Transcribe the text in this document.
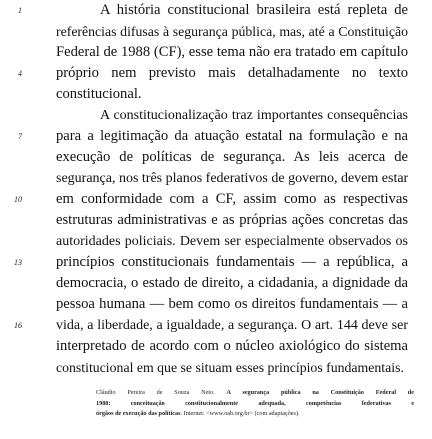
A história constitucional brasileira está repleta de
referências difusas à segurança pública, mas, até a Constituição
Federal de 1988 (CF), esse tema não era tratado em capítulo
próprio nem previsto mais detalhadamente no texto
constitucional.
A constitucionalização traz importantes consequências
para a legitimação da atuação estatal na formulação e na
execução de políticas de segurança. As leis acerca de
segurança, nos três planos federativos de governo, devem estar
em conformidade com a CF, assim como as respectivas
estruturas administrativas e as próprias ações concretas das
autoridades policiais. Devem ser especialmente observados os
princípios constitucionais fundamentais — a república, a
democracia, o estado de direito, a cidadania, a dignidade da
pessoa humana — bem como os direitos fundamentais — a
vida, a liberdade, a igualdade, a segurança. O art. 144 deve ser
interpretado de acordo com o núcleo axiológico do sistema
constitucional em que se situam esses princípios fundamentais.
1
4
7
10
13
16
Cláudio Pereira de Souza Neto. A segurança pública na Constituição Federal de
1988: conceituação constitucionalmente adequada, competências federativas e
órgãos de execução das políticas. Internet: <www.oab.org.br> (com adaptações).
